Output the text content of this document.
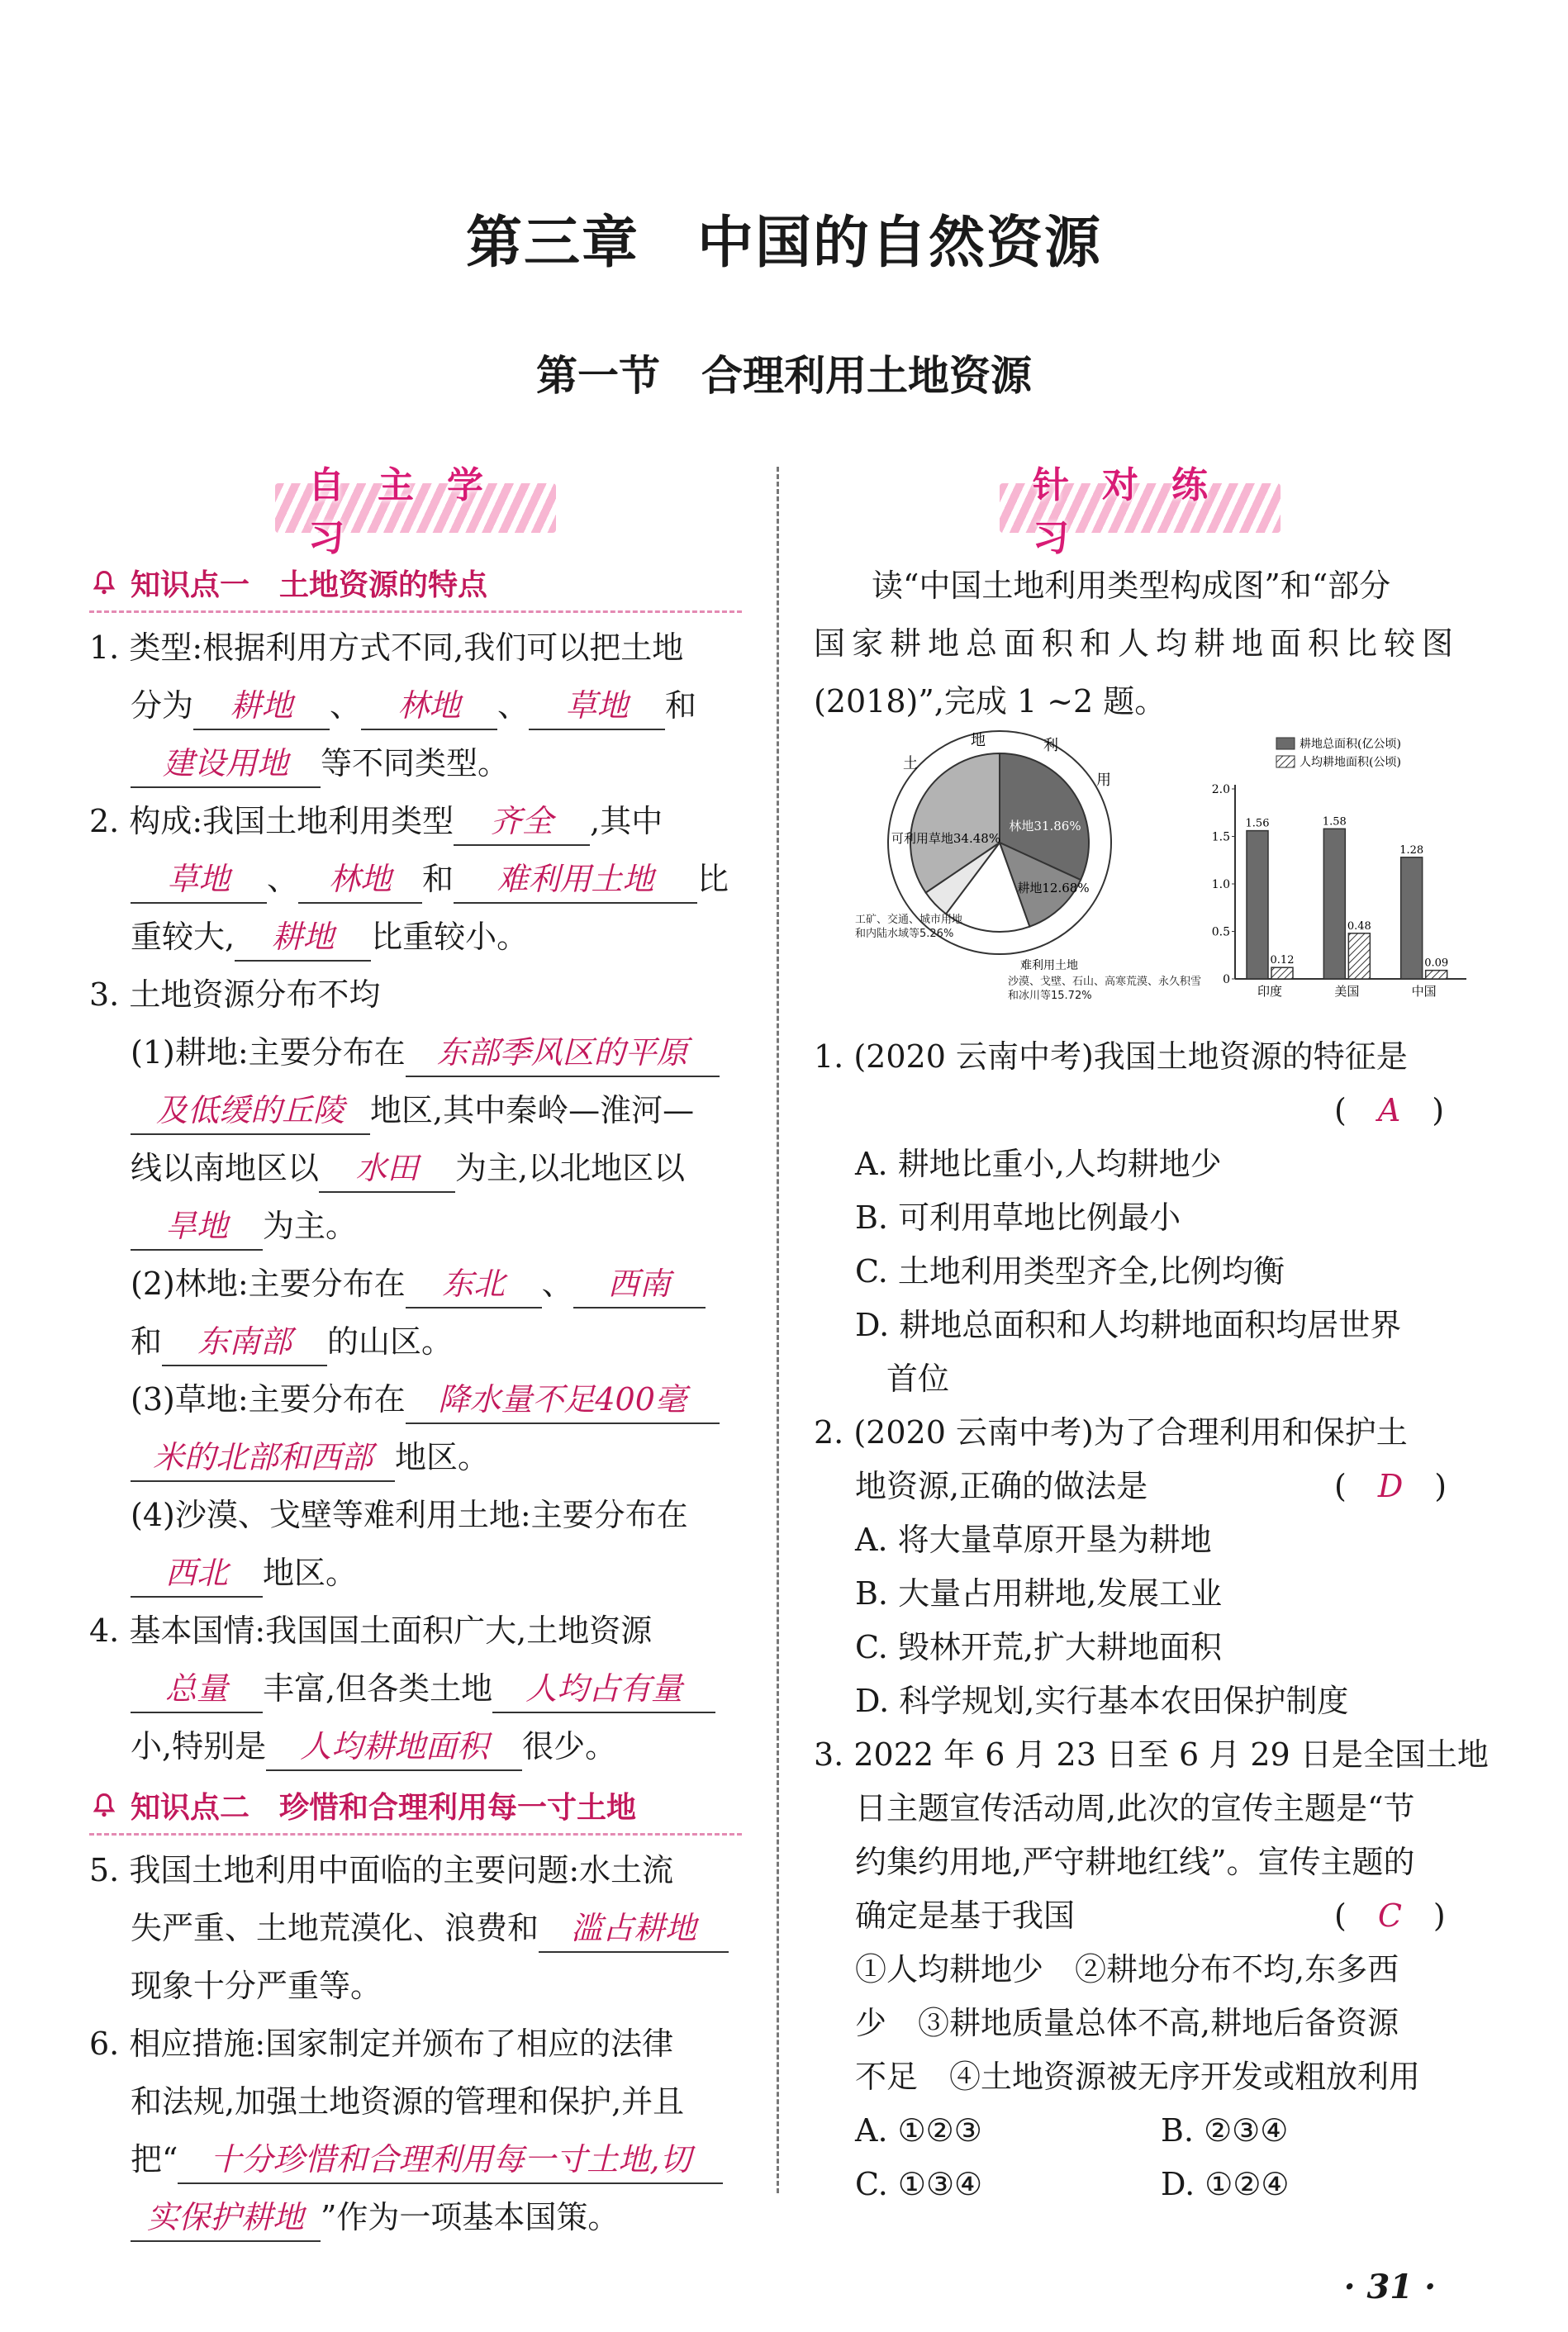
第三章　中国的自然资源
第一节　合理利用土地资源
自主学习
知识点一　土地资源的特点
1. 类型:根据利用方式不同,我们可以把土地
分为 耕地 、 林地 、 草地 和
建设用地 等不同类型。
2. 构成:我国土地利用类型 齐全 ,其中
草地 、 林地 和 难利用土地 比
重较大, 耕地 比重较小。
3. 土地资源分布不均
(1)耕地:主要分布在 东部季风区的平原
及低缓的丘陵 地区,其中秦岭—淮河—
线以南地区以 水田 为主,以北地区以
旱地 为主。
(2)林地:主要分布在 东北 、 西南
和 东南部 的山区。
(3)草地:主要分布在 降水量不足400毫
米的北部和西部 地区。
(4)沙漠、戈壁等难利用土地:主要分布在
西北 地区。
4. 基本国情:我国国土面积广大,土地资源
总量 丰富,但各类土地 人均占有量
小,特别是 人均耕地面积 很少。
知识点二　珍惜和合理利用每一寸土地
5. 我国土地利用中面临的主要问题:水土流
失严重、土地荒漠化、浪费和 滥占耕地
现象十分严重等。
6. 相应措施:国家制定并颁布了相应的法律
和法规,加强土地资源的管理和保护,并且
把“ 十分珍惜和合理利用每一寸土地,切
实保护耕地 ”作为一项基本国策。
针对练习
读“中国土地利用类型构成图”和“部分
国家耕地总面积和人均耕地面积比较图
(2018)”,完成 1 ~2 题。
土
地	利
用
林地31.86%
耕地12.68%
可利用草地34.48%
难利用土地
工矿、交通、城市用地和内陆水域等5.26%
沙漠、戈壁、石山、高寒荒漠、永久积雪和冰川等15.72%
耕地总面积(亿公顷)
人均耕地面积(公顷)
0
0.5
1.0
1.5
2.0
印度	美国	中国
1.56
0.12
1.58
0.48
1.28
0.09
1. (2020 云南中考)我国土地资源的特征是
(　A　)
A. 耕地比重小,人均耕地少
B. 可利用草地比例最小
C. 土地利用类型齐全,比例均衡
D. 耕地总面积和人均耕地面积均居世界
首位
2. (2020 云南中考)为了合理利用和保护土
地资源,正确的做法是	(　D　)
A. 将大量草原开垦为耕地
B. 大量占用耕地,发展工业
C. 毁林开荒,扩大耕地面积
D. 科学规划,实行基本农田保护制度
3. 2022 年 6 月 23 日至 6 月 29 日是全国土地
日主题宣传活动周,此次的宣传主题是“节
约集约用地,严守耕地红线”。宣传主题的
确定是基于我国	(　C　)
①人均耕地少　②耕地分布不均,东多西
少　③耕地质量总体不高,耕地后备资源
不足　④土地资源被无序开发或粗放利用
A. ①②③	B. ②③④
C. ①③④	D. ①②④
· 31 ·
